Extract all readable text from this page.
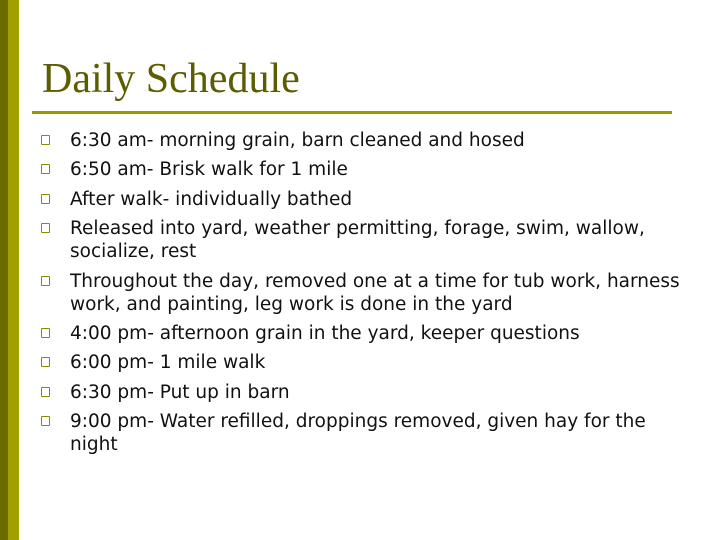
Daily Schedule
6:30 am- morning grain, barn cleaned and hosed
6:50 am- Brisk walk for 1 mile
After walk- individually bathed
Released into yard, weather permitting, forage, swim, wallow, socialize, rest
Throughout the day, removed one at a time for tub work, harness work, and painting, leg work is done in the yard
4:00 pm- afternoon grain in the yard, keeper questions
6:00 pm- 1 mile walk
6:30 pm- Put up in barn
9:00 pm- Water refilled, droppings removed, given hay for the night
